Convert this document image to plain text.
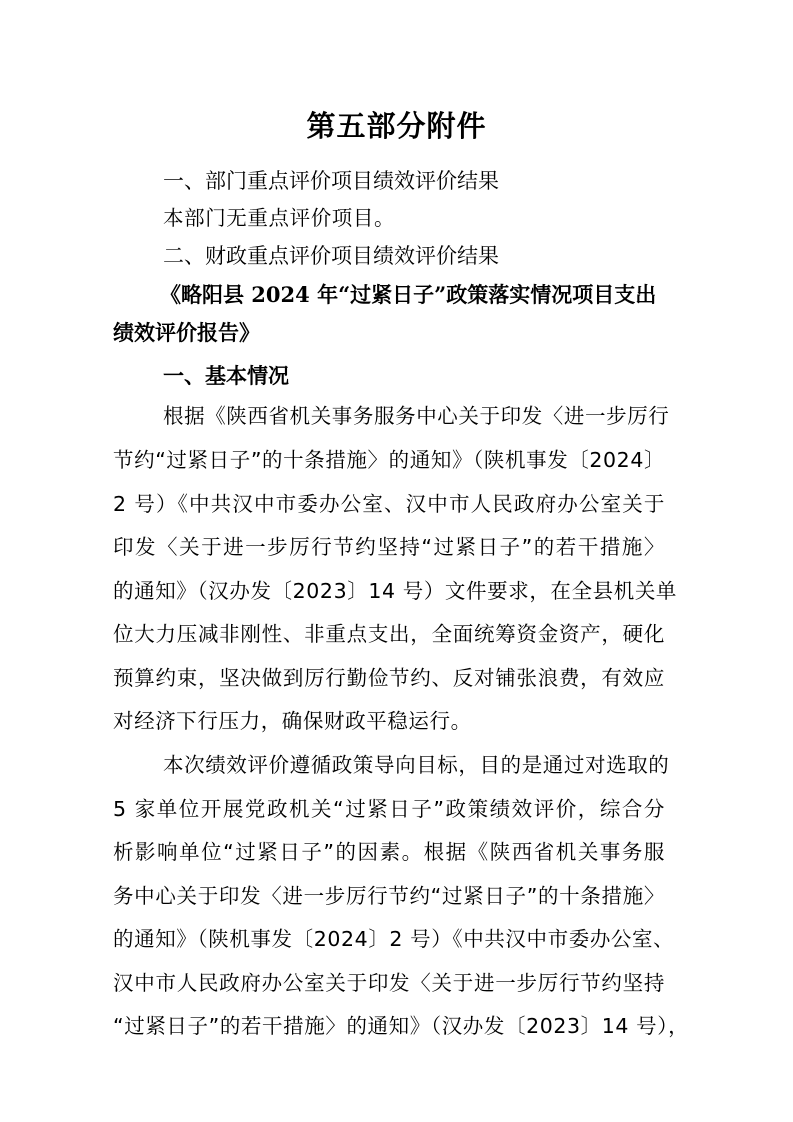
第五部分附件
一、部门重点评价项目绩效评价结果
本部门无重点评价项目。
二、财政重点评价项目绩效评价结果
《略阳县 2024 年“过紧日子”政策落实情况项目支出
绩效评价报告》
一、基本情况
根据《陕西省机关事务服务中心关于印发〈进一步厉行
节约“过紧日子”的十条措施〉的通知》（陕机事发〔2024〕
2 号）《中共汉中市委办公室、汉中市人民政府办公室关于
印发〈关于进一步厉行节约坚持“过紧日子”的若干措施〉
的通知》（汉办发〔2023〕14 号）文件要求，在全县机关单
位大力压减非刚性、非重点支出，全面统筹资金资产，硬化
预算约束，坚决做到厉行勤俭节约、反对铺张浪费，有效应
对经济下行压力，确保财政平稳运行。
本次绩效评价遵循政策导向目标，目的是通过对选取的
5 家单位开展党政机关“过紧日子”政策绩效评价，综合分
析影响单位“过紧日子”的因素。根据《陕西省机关事务服
务中心关于印发〈进一步厉行节约“过紧日子”的十条措施〉
的通知》（陕机事发〔2024〕2 号）《中共汉中市委办公室、
汉中市人民政府办公室关于印发〈关于进一步厉行节约坚持
“过紧日子”的若干措施〉的通知》（汉办发〔2023〕14 号），
